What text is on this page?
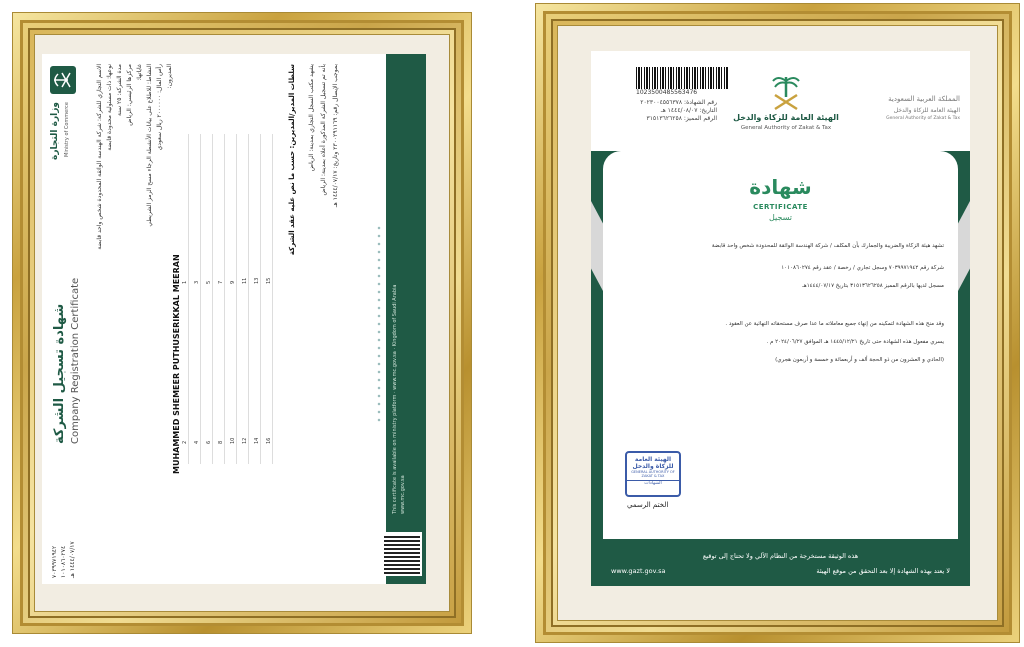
٧٠٣٩٩٧١٩٤٢ ١٠١٠٨٦٠٢٧٤ ١٤٤٤/٠٧/١٧ هـ
شهادة تسجيل الشركة Company Registration Certificate
وزارة التجارة Ministry of Commerce	الاسم التجاري للشركة: شركة الهندسة الواثقة المحدودة شخص واحد قابضة نوعها: ذات مسئولية محدودة قابضة مدة الشركة: ٢٥ سنة مركزها الرئيسي: الرياض غاياتها: النشاط: للاطلاع على بيانات الأنشطة الرجاء مسح الرمز الشريطي رأس المال: ٢٠٠٠٠٠٠ ريال سعودي المديرون:
MUHAMMED SHEMEER PUTHUSERIKKAL MEERAN 1
2
3
4
5
6
7
8
9
10
11
12
13
14
15
16
سلطات المدير/المديرين: حسب ما نص عليه عقد الشركة يشهد مكتب السجل التجاري بمدينة: الرياض بأنه تم تسجيل الشركة المذكورة أعلاه بمدينة: الرياض
بموجب الإيصال رقم: ٢٣٠٠٢٩١١٦٩ وتاريخ: ١٤٤٤/٠٧/١٧ هـ
This certificate is available on ministry platform · www.mc.gov.sa · Kingdom of Saudi Arabia www.mc.gov.sa
1023500485563476
رقم الشهادة: ٢٠٢٣٠٠٤٥٥٦٣٧٨
التاريخ: ١٤٤٤/٠٨/٠٧ هـ
الرقم المميز: ٣١٥١٣٦٢٦٢٥٨ الهيئة العامة للزكاة والدخل
General Authority of Zakat & Tax
المملكة العربية السعودية
الهيئة العامة للزكاة والدخل
General Authority of Zakat & Tax
شهادة
CERTIFICATE
تسجيل
تشهد هيئة الزكاة والضريبة والجمارك بأن المكلف / شركة الهندسة الواثقة للمحدودة شخص واحد قابضة
شركة رقم ٧٠٣٩٩٧١٩٤٢ وسجل تجاري / رخصة / عقد رقم ١٠١٠٨٦٠٢٧٤
مسجل لديها بالرقم المميز ٣١٥١٣٦٢٦٢٥٨ بتاريخ ١٤٤٤/٠٧/١٧هـ
وقد منح هذه الشهادة لتمكينه من إنهاء جميع معاملاته ما عدا صرف مستحقاته النهائية عن العقود .
يسري مفعول هذه الشهادة حتى تاريخ ١٤٤٥/١٢/٢١ هـ الموافق ٢٠٢٤/٠٦/٢٧ م .
(الحادي و العشرون من ذو الحجة ألف و أربعمائة و خمسة و أربعون هجري)
الهيئة العامة
للزكاة والدخل
GENERAL AUTHORITY OF ZAKAT & TAX
الشهادات
الختم الرسمي
هذه الوثيقة مستخرجة من النظام الآلي ولا تحتاج إلى توقيع
لا يعتد بهذه الشهادة إلا بعد التحقق من موقع الهيئة
www.gazt.gov.sa
